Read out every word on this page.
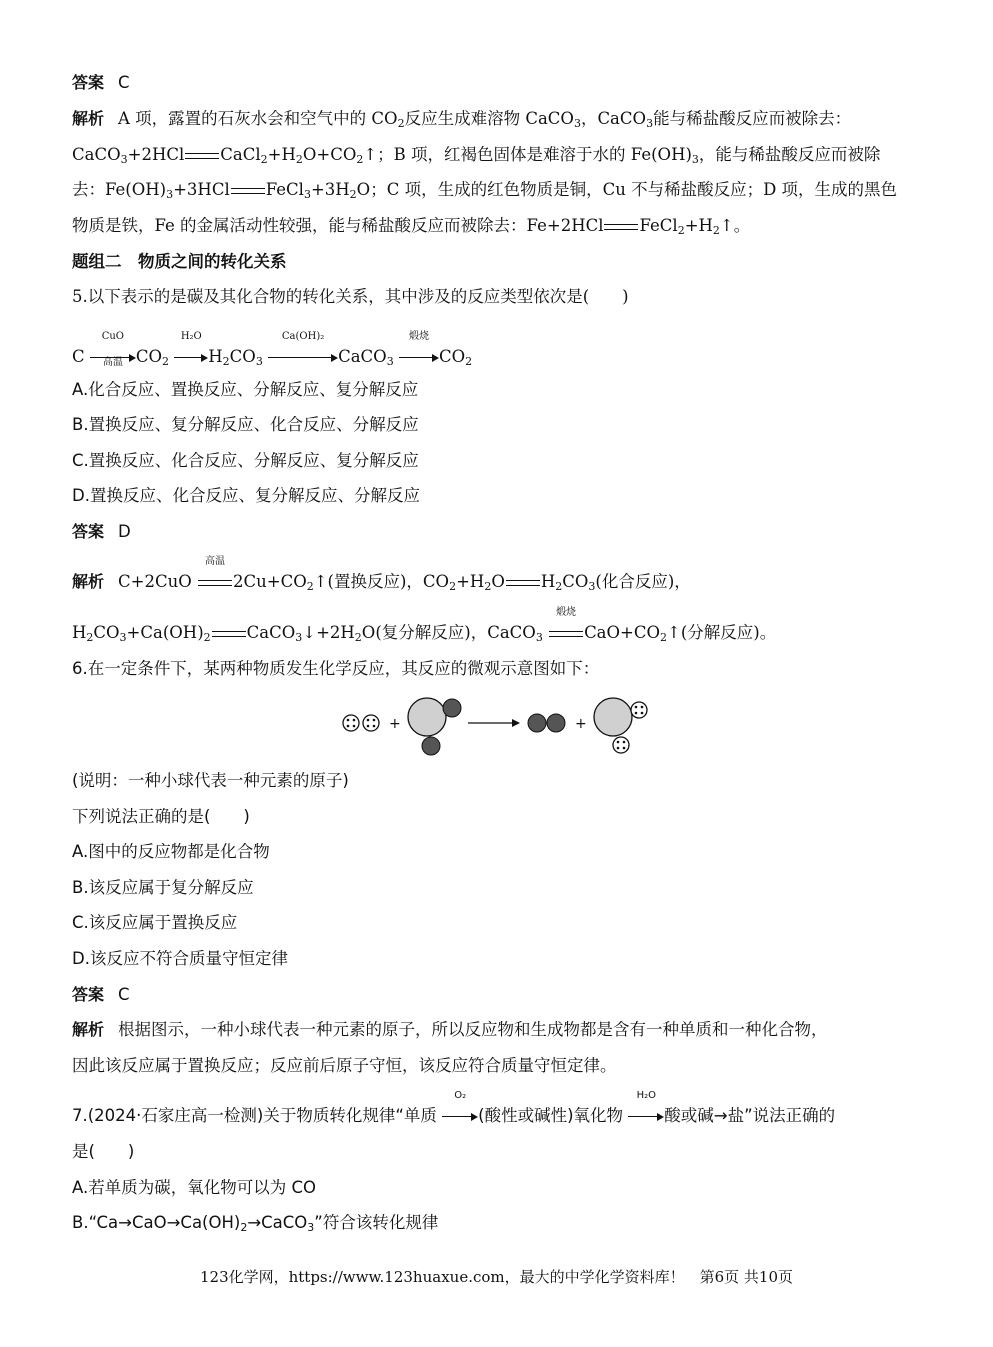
答案 C
解析 A 项，露置的石灰水会和空气中的 $CO_2$反应生成难溶物 CaCO$_3$，CaCO$_3$能与稀盐酸反应而被除去：
CaCO$_3$+2HCl $CaCl_2+H_2O+CO_2↑$；B 项，红褐色固体是难溶于水的 $Fe(OH)_3$，能与稀盐酸反应而被除
去：$Fe(OH)_3+3HCl$ $FeCl_3+3H_2O$；C 项，生成的红色物质是铜，Cu 不与稀盐酸反应；D 项，生成的黑色
物质是铁，Fe 的金属活动性较强，能与稀盐酸反应而被除去：Fe+2HCl $FeCl_2+H_2↑$。
题组二　物质之间的转化关系
5.以下表示的是碳及其化合物的转化关系，其中涉及的反应类型依次是(　　)
C
CuO
高温 $CO_2$
H₂O
$H_2CO_3$
Ca(OH)₂
CaCO$_3$
煅烧
$CO_2$
A.化合反应、置换反应、分解反应、复分解反应
B.置换反应、复分解反应、化合反应、分解反应
C.置换反应、化合反应、分解反应、复分解反应
D.置换反应、化合反应、复分解反应、分解反应
答案 D
解析 C+2CuO
高温
$2Cu+CO_2↑$(置换反应)，$CO_2+H_2O$ $H_2CO_3$(化合反应)，
$H_2CO_3+Ca(OH)_2$ $CaCO_3↓+2H_2O$(复分解反应)，CaCO$_3$
煅烧
$CaO+CO_2↑$(分解反应)。
6.在一定条件下，某两种物质发生化学反应，其反应的微观示意图如下：
+	+
(说明：一种小球代表一种元素的原子)
下列说法正确的是(　　)
A.图中的反应物都是化合物
B.该反应属于复分解反应
C.该反应属于置换反应
D.该反应不符合质量守恒定律
答案 C
解析 根据图示，一种小球代表一种元素的原子，所以反应物和生成物都是含有一种单质和一种化合物，
因此该反应属于置换反应；反应前后原子守恒，该反应符合质量守恒定律。
7.(2024·石家庄高一检测)关于物质转化规律“单质
O₂
(酸性或碱性)氧化物
H₂O
酸或碱→盐”说法正确的
是(　　)
A.若单质为碳，氧化物可以为 CO
$B.“Ca\to CaO\to Ca(OH)_2\to CaCO_3$”符合该转化规律
123化学网，https://www.123huaxue.com，最大的中学化学资料库！　第6页 共10页
